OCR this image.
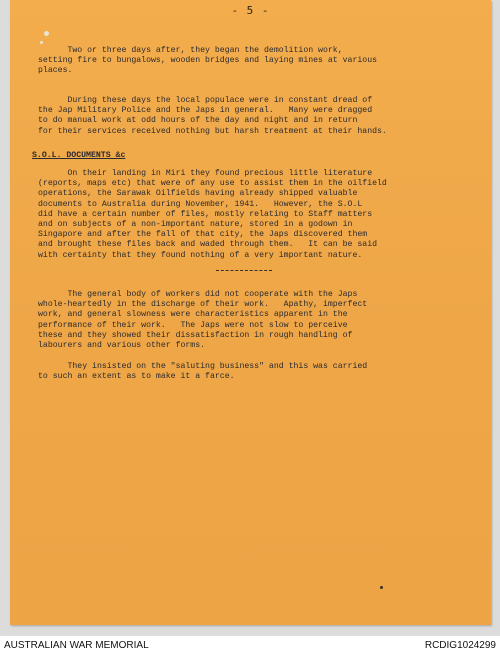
- 5 -

Two or three days after, they began the demolition work,
setting fire to bungalows, wooden bridges and laying mines at various
places.

During these days the local populace were in constant dread of
the Jap Military Police and the Japs in general.   Many were dragged
to do manual work at odd hours of the day and night and in return
for their services received nothing but harsh treatment at their hands.

S.O.L. DOCUMENTS &c

On their landing in Miri they found precious little literature
(reports, maps etc) that were of any use to assist them in the oilfield
operations, the Sarawak Oilfields having already shipped valuable
documents to Australia during November, 1941.   However, the S.O.L
did have a certain number of files, mostly relating to Staff matters
and on subjects of a non-important nature, stored in a godown in
Singapore and after the fall of that city, the Japs discovered them
and brought these files back and waded through them.   It can be said
with certainty that they found nothing of a very important nature.

The general body of workers did not cooperate with the Japs
whole-heartedly in the discharge of their work.   Apathy, imperfect
work, and general slowness were characteristics apparent in the
performance of their work.   The Japs were not slow to perceive
these and they showed their dissatisfaction in rough handling of
labourers and various other forms.

They insisted on the "saluting business" and this was carried
to such an extent as to make it a farce.

AUSTRALIAN WAR MEMORIAL	RCDIG1024299
